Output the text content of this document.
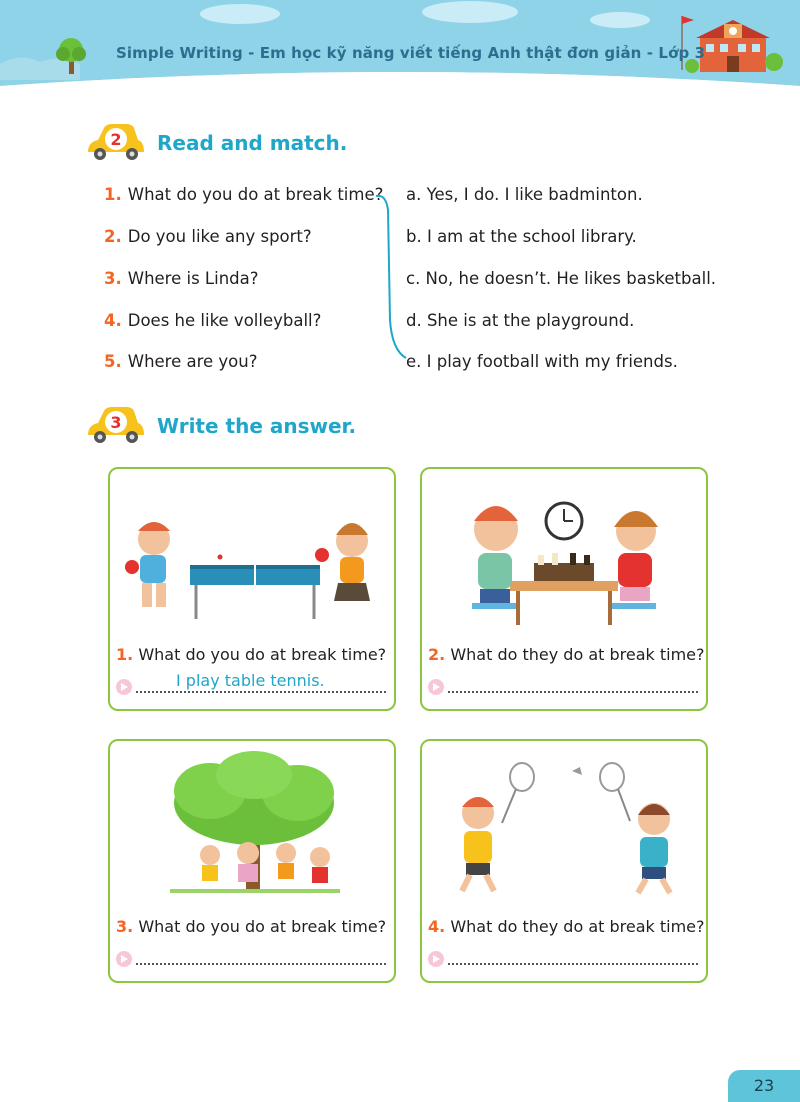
Simple Writing - Em học kỹ năng viết tiếng Anh thật đơn giản - Lớp 3
2 Read and match.
1. What do you do at break time?
2. Do you like any sport?
3. Where is Linda?
4. Does he like volleyball?
5. Where are you?
a. Yes, I do. I like badminton.
b. I am at the school library.
c. No, he doesn’t. He likes basketball.
d. She is at the playground.
e. I play football with my friends.
3 Write the answer.
1. What do you do at break time?
I play table tennis.
2. What do they do at break time?
3. What do you do at break time?	4. What do they do at break time?
23
